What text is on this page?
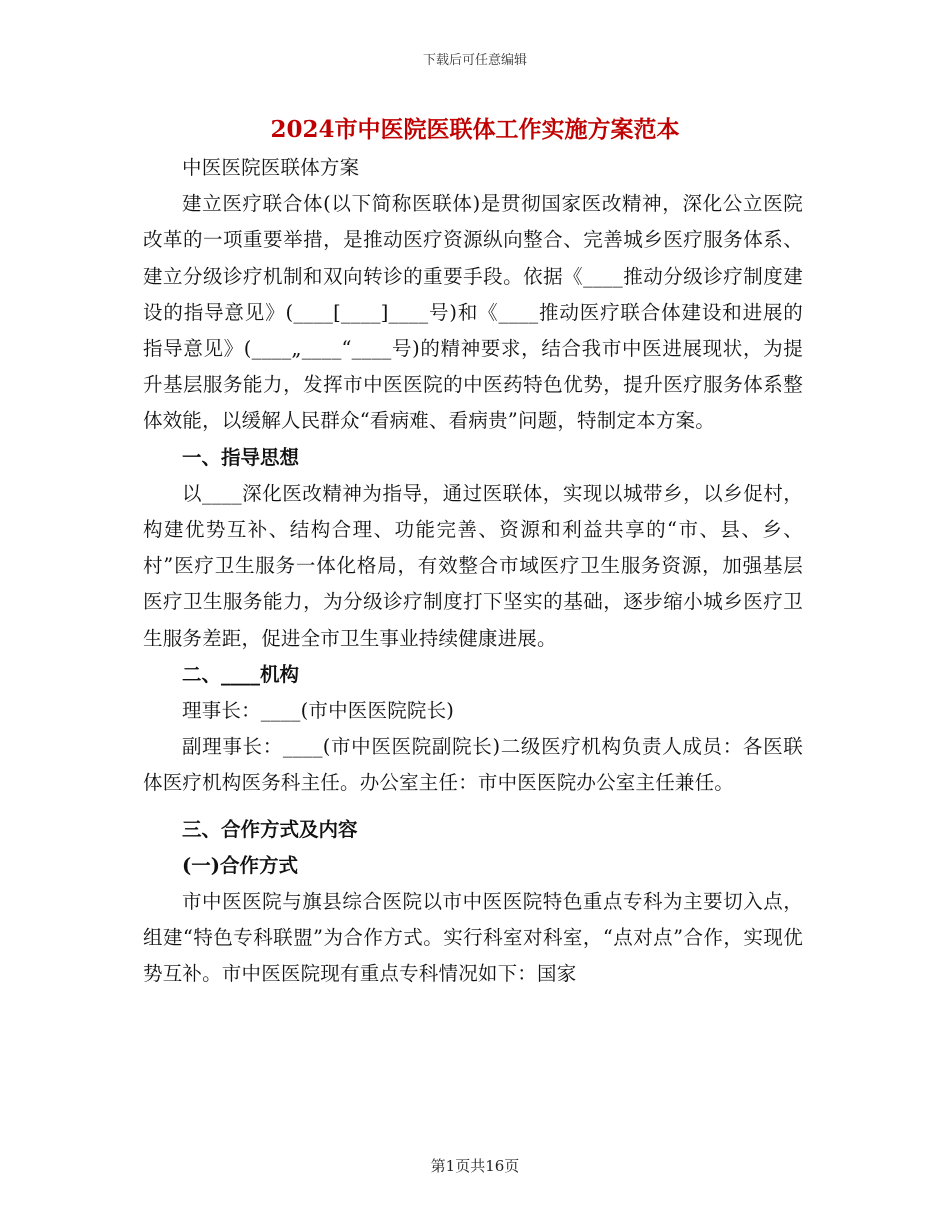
下载后可任意编辑
2024市中医院医联体工作实施方案范本

中医医院医联体方案

建立医疗联合体(以下简称医联体)是贯彻国家医改精神，深化公立医院改革的一项重要举措，是推动医疗资源纵向整合、完善城乡医疗服务体系、建立分级诊疗机制和双向转诊的重要手段。依据《____推动分级诊疗制度建设的指导意见》(____[____]____号)和《____推动医疗联合体建设和进展的指导意见》(____„____“____号)的精神要求，结合我市中医进展现状，为提升基层服务能力，发挥市中医医院的中医药特色优势，提升医疗服务体系整体效能，以缓解人民群众“看病难、看病贵”问题，特制定本方案。

一、指导思想

以____深化医改精神为指导，通过医联体，实现以城带乡，以乡促村，构建优势互补、结构合理、功能完善、资源和利益共享的“市、县、乡、村”医疗卫生服务一体化格局，有效整合市域医疗卫生服务资源，加强基层医疗卫生服务能力，为分级诊疗制度打下坚实的基础，逐步缩小城乡医疗卫生服务差距，促进全市卫生事业持续健康进展。

二、____机构

理事长：____(市中医医院院长)

副理事长：____(市中医医院副院长)二级医疗机构负责人成员：各医联体医疗机构医务科主任。办公室主任：市中医医院办公室主任兼任。

三、合作方式及内容

(一)合作方式

市中医医院与旗县综合医院以市中医医院特色重点专科为主要切入点，组建“特色专科联盟”为合作方式。实行科室对科室，“点对点”合作，实现优势互补。市中医医院现有重点专科情况如下：国家

第1页共16页
